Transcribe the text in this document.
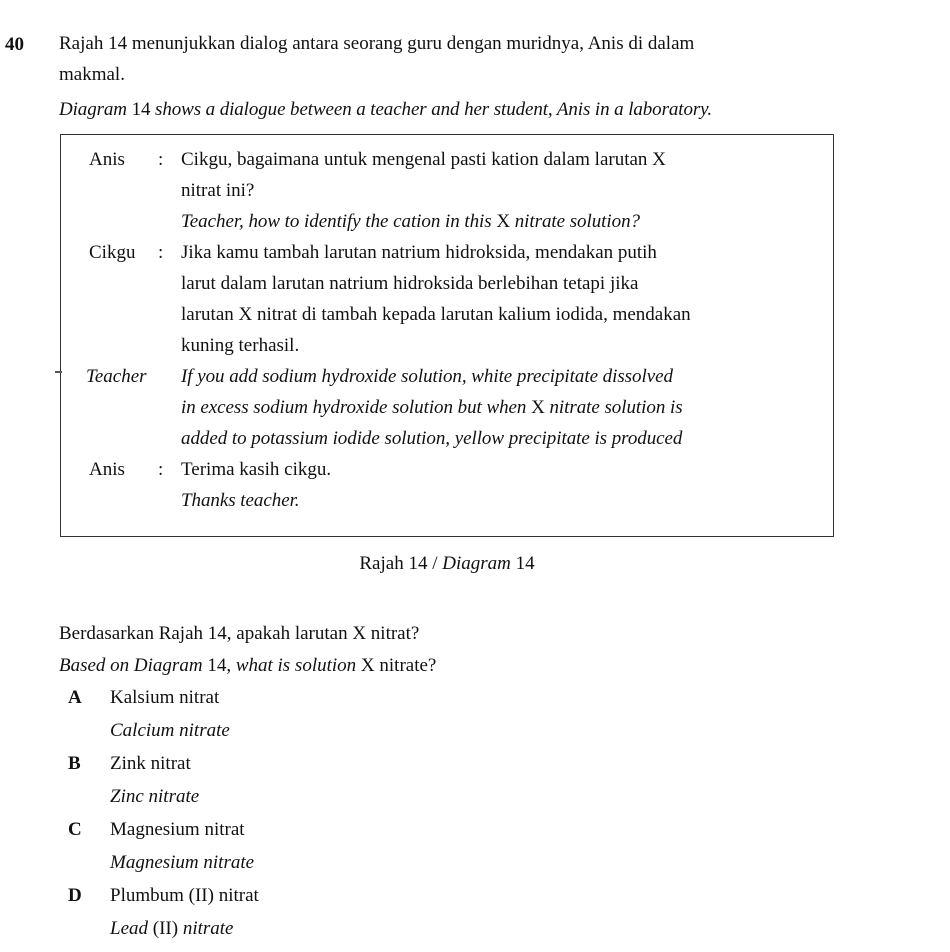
40	Rajah 14 menunjukkan dialog antara seorang guru dengan muridnya, Anis di dalam
makmal.
Diagram 14 shows a dialogue between a teacher and her student, Anis in a laboratory.
Anis	: Cikgu, bagaimana untuk mengenal pasti kation dalam larutan X
nitrat ini?
Teacher, how to identify the cation in this X nitrate solution?
Cikgu	: Jika kamu tambah larutan natrium hidroksida, mendakan putih
larut dalam larutan natrium hidroksida berlebihan tetapi jika
larutan X nitrat di tambah kepada larutan kalium iodida, mendakan
kuning terhasil.
Teacher	If you add sodium hydroxide solution, white precipitate dissolved
in excess sodium hydroxide solution but when X nitrate solution is
added to potassium iodide solution, yellow precipitate is produced
Anis	: Terima kasih cikgu.
Thanks teacher.
Rajah 14 / Diagram 14
Berdasarkan Rajah 14, apakah larutan X nitrat?
Based on Diagram 14, what is solution X nitrate?
A	Kalsium nitrat
Calcium nitrate
B	Zink nitrat
Zinc nitrate
C	Magnesium nitrat
Magnesium nitrate
D	Plumbum (II) nitrat
Lead (II) nitrate
